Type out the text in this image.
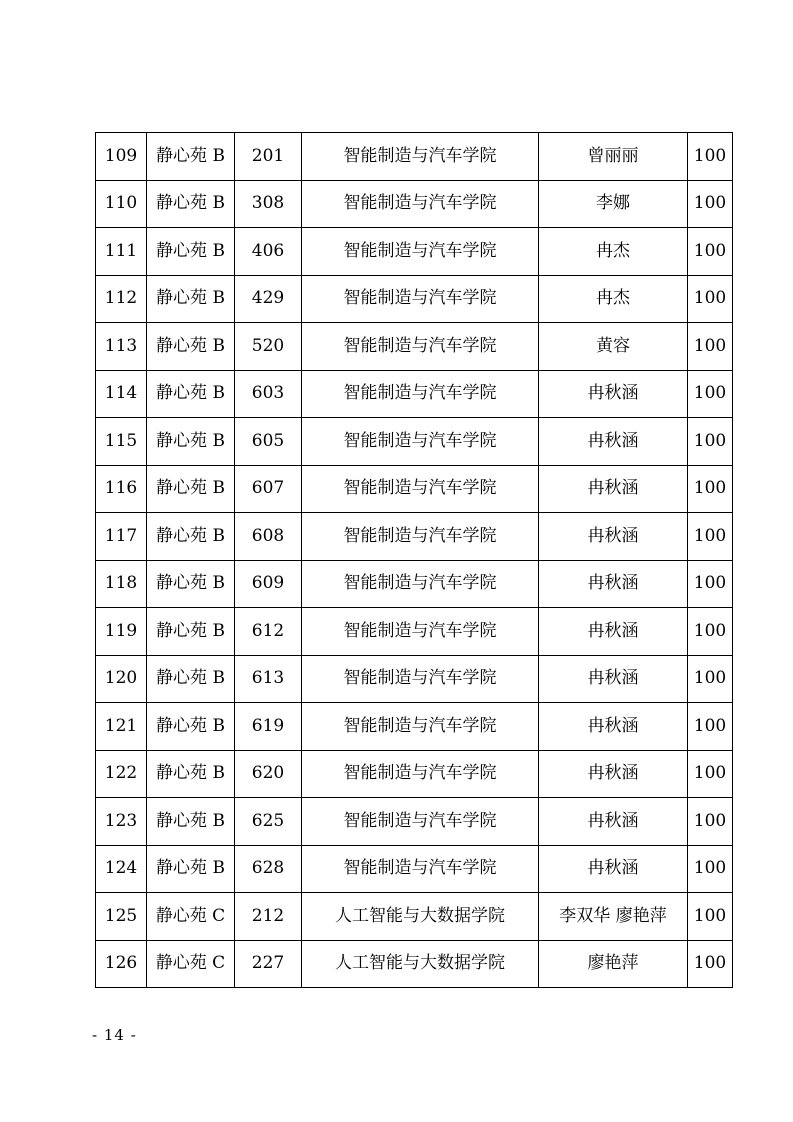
109	静心苑 B	201	智能制造与汽车学院	曾丽丽	100
110	静心苑 B	308	智能制造与汽车学院	李娜	100
111	静心苑 B	406	智能制造与汽车学院	冉杰	100
112	静心苑 B	429	智能制造与汽车学院	冉杰	100
113	静心苑 B	520	智能制造与汽车学院	黄容	100
114	静心苑 B	603	智能制造与汽车学院	冉秋涵	100
115	静心苑 B	605	智能制造与汽车学院	冉秋涵	100
116	静心苑 B	607	智能制造与汽车学院	冉秋涵	100
117	静心苑 B	608	智能制造与汽车学院	冉秋涵	100
118	静心苑 B	609	智能制造与汽车学院	冉秋涵	100
119	静心苑 B	612	智能制造与汽车学院	冉秋涵	100
120	静心苑 B	613	智能制造与汽车学院	冉秋涵	100
121	静心苑 B	619	智能制造与汽车学院	冉秋涵	100
122	静心苑 B	620	智能制造与汽车学院	冉秋涵	100
123	静心苑 B	625	智能制造与汽车学院	冉秋涵	100
124	静心苑 B	628	智能制造与汽车学院	冉秋涵	100
125	静心苑 C	212	人工智能与大数据学院	李双华 廖艳萍	100
126	静心苑 C	227	人工智能与大数据学院	廖艳萍	100
- 14 -
